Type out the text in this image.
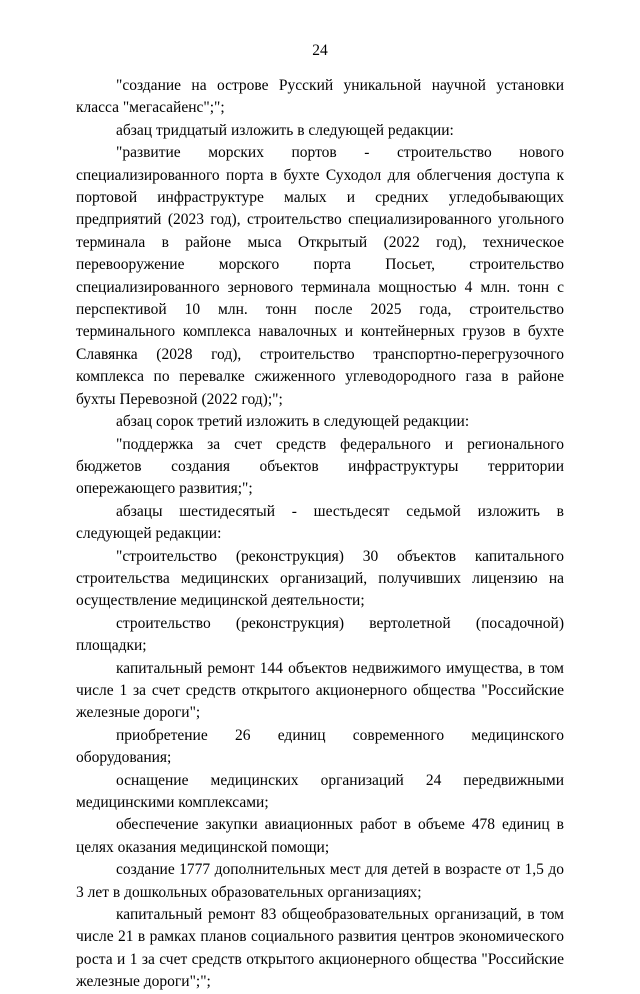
24

"создание на острове Русский уникальной научной установки класса "мегасайенс";";

абзац тридцатый изложить в следующей редакции:

"развитие морских портов - строительство нового специализированного порта в бухте Суходол для облегчения доступа к портовой инфраструктуре малых и средних угледобывающих предприятий (2023 год), строительство специализированного угольного терминала в районе мыса Открытый (2022 год), техническое перевооружение морского порта Посьет, строительство специализированного зернового терминала мощностью 4 млн. тонн с перспективой 10 млн. тонн после 2025 года, строительство терминального комплекса навалочных и контейнерных грузов в бухте Славянка (2028 год), строительство транспортно-перегрузочного комплекса по перевалке сжиженного углеводородного газа в районе бухты Перевозной (2022 год);";

абзац сорок третий изложить в следующей редакции:

"поддержка за счет средств федерального и регионального бюджетов создания объектов инфраструктуры территории опережающего развития;";

абзацы шестидесятый - шестьдесят седьмой изложить в следующей редакции:

"строительство (реконструкция) 30 объектов капитального строительства медицинских организаций, получивших лицензию на осуществление медицинской деятельности;

строительство (реконструкция) вертолетной (посадочной) площадки;

капитальный ремонт 144 объектов недвижимого имущества, в том числе 1 за счет средств открытого акционерного общества "Российские железные дороги";

приобретение 26 единиц современного медицинского оборудования;

оснащение медицинских организаций 24 передвижными медицинскими комплексами;

обеспечение закупки авиационных работ в объеме 478 единиц в целях оказания медицинской помощи;

создание 1777 дополнительных мест для детей в возрасте от 1,5 до 3 лет в дошкольных образовательных организациях;

капитальный ремонт 83 общеобразовательных организаций, в том числе 21 в рамках планов социального развития центров экономического роста и 1 за счет средств открытого акционерного общества "Российские железные дороги";";
